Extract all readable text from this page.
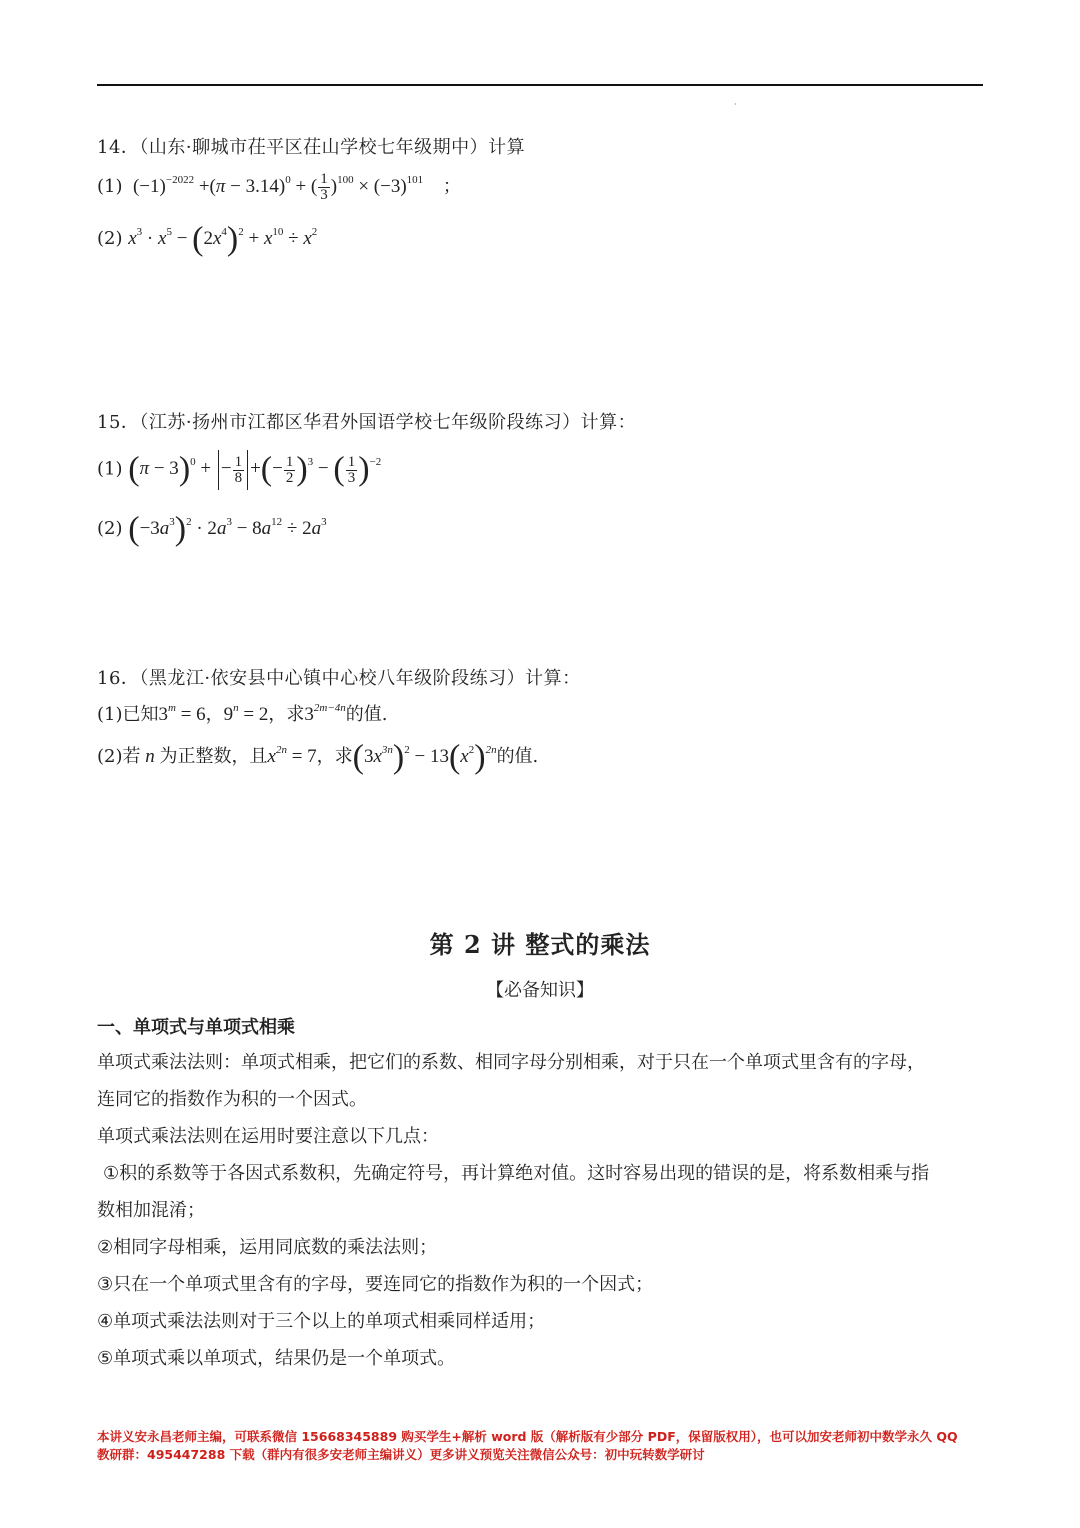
·
14．（山东·聊城市茌平区茌山学校七年级期中）计算
(1) $(-1)^{-2022} +(\pi - 3.14)^0$ + ( $\frac{1}{3} )^{100} \times (-3)^{101}$ ；
(2) $x^3 \cdot x^5 - (2x^4)^2 + x^{10} \div x^2$
15．（江苏·扬州市江都区华君外国语学校七年级阶段练习）计算：
(1) $(\pi - 3)^0$ + − $\frac{1}{8}$ +(− $\frac{1}{2} )^3$ − ( $\frac{1}{3} )^{-2}$
(2) $(-3a^3)^2 \cdot 2a^3 - 8a^{12} \div 2a^3$
16．（黑龙江·依安县中心镇中心校八年级阶段练习）计算：
(1)已知$3^m = 6$，$9^n = 2$，求$3^{2m-4n}$的值.
(2)若 n 为正整数，且$x^{2n} = 7$，求$(3x^{3n})^2 - 13(x^2)^{2n}$的值.
第 2 讲 整式的乘法
【必备知识】
一、单项式与单项式相乘
单项式乘法法则：单项式相乘，把它们的系数、相同字母分别相乘，对于只在一个单项式里含有的字母，
连同它的指数作为积的一个因式。
单项式乘法法则在运用时要注意以下几点：
①积的系数等于各因式系数积，先确定符号，再计算绝对值。这时容易出现的错误的是，将系数相乘与指
数相加混淆；
②相同字母相乘，运用同底数的乘法法则；
③只在一个单项式里含有的字母，要连同它的指数作为积的一个因式；
④单项式乘法法则对于三个以上的单项式相乘同样适用；
⑤单项式乘以单项式，结果仍是一个单项式。
本讲义安永昌老师主编，可联系微信 15668345889 购买学生+解析 word 版（解析版有少部分 PDF，保留版权用），也可以加安老师初中数学永久 QQ
教研群：495447288 下载（群内有很多安老师主编讲义）更多讲义预览关注微信公众号：初中玩转数学研讨
